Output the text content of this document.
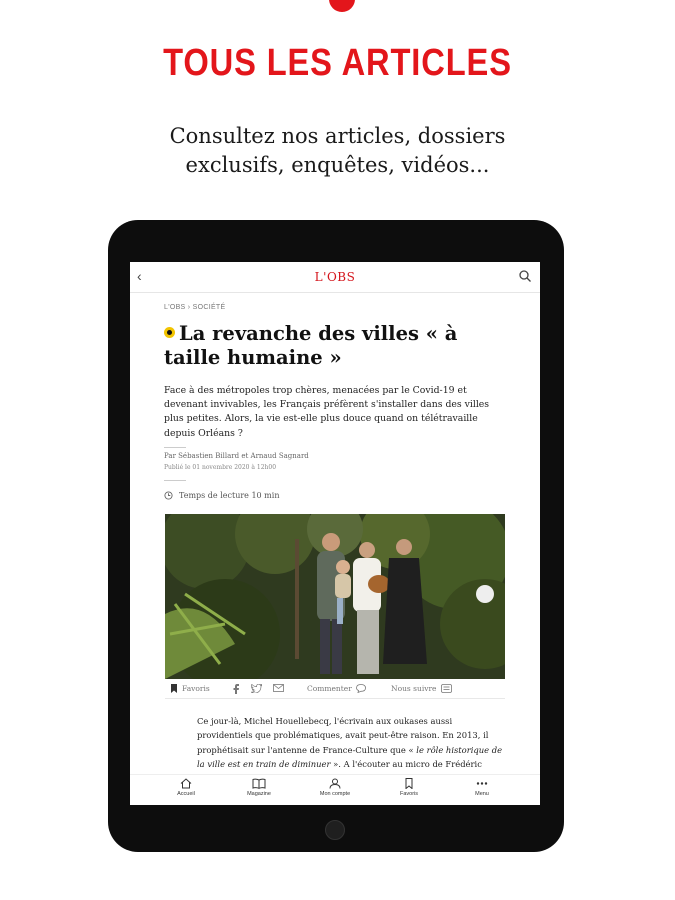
TOUS LES ARTICLES
Consultez nos articles, dossiers
exclusifs, enquêtes, vidéos...
‹	L'OBS
L'OBS › SOCIÉTÉ
La revanche des villes « à taille humaine »
Face à des métropoles trop chères, menacées par le Covid-19 et devenant invivables, les Français préfèrent s'installer dans des villes plus petites. Alors, la vie est-elle plus douce quand on télétravaille depuis Orléans ?
Par Sébastien Billard et Arnaud Sagnard
Publié le 01 novembre 2020 à 12h00
Temps de lecture 10 min
Favoris	Commenter	Nous suivre
Ce jour-là, Michel Houellebecq, l'écrivain aux oukases aussi
providentiels que problématiques, avait peut-être raison. En 2013, il
prophétisait sur l'antenne de France-Culture que « le rôle historique de
la ville est en train de diminuer ». A l'écouter au micro de Frédéric
Accueil	Magazine	Mon compte	Favoris	Menu
